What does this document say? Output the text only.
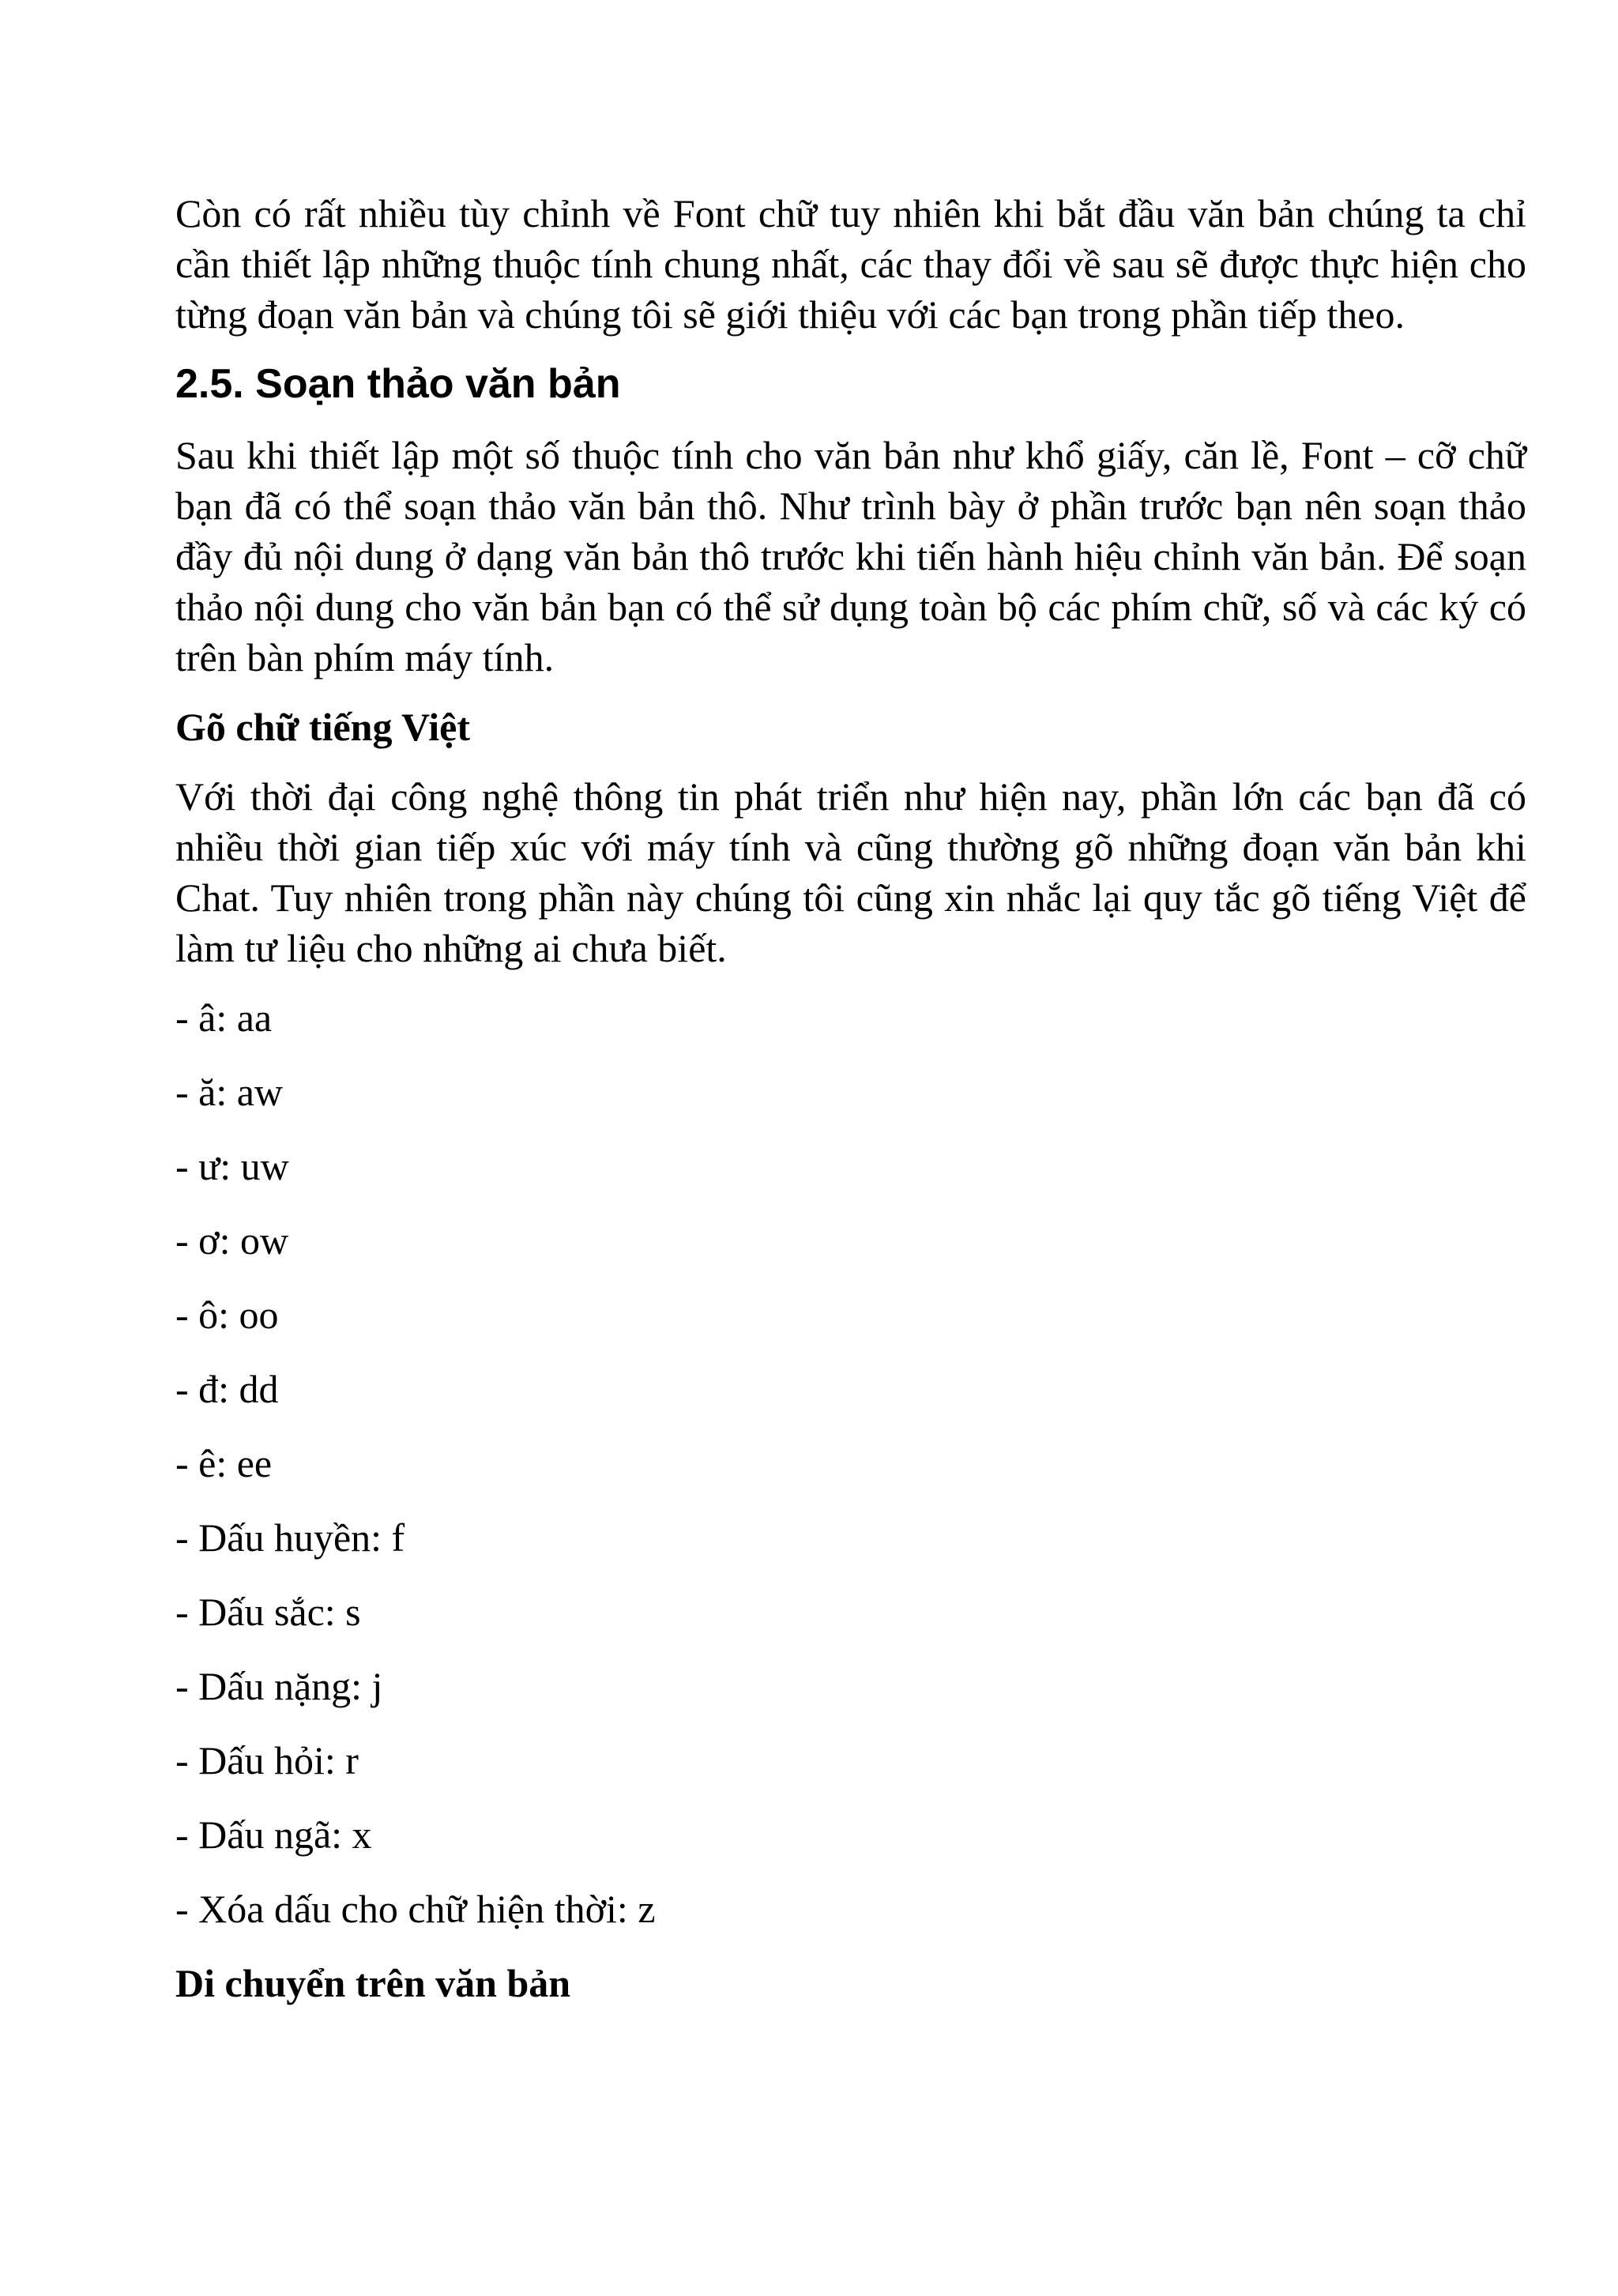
Còn có rất nhiều tùy chỉnh về Font chữ tuy nhiên khi bắt đầu văn bản chúng ta chỉ cần thiết lập những thuộc tính chung nhất, các thay đổi về sau sẽ được thực hiện cho từng đoạn văn bản và chúng tôi sẽ giới thiệu với các bạn trong phần tiếp theo.

2.5. Soạn thảo văn bản

Sau khi thiết lập một số thuộc tính cho văn bản như khổ giấy, căn lề, Font – cỡ chữ bạn đã có thể soạn thảo văn bản thô. Như trình bày ở phần trước bạn nên soạn thảo đầy đủ nội dung ở dạng văn bản thô trước khi tiến hành hiệu chỉnh văn bản. Để soạn thảo nội dung cho văn bản bạn có thể sử dụng toàn bộ các phím chữ, số và các ký có trên bàn phím máy tính.

Gõ chữ tiếng Việt

Với thời đại công nghệ thông tin phát triển như hiện nay, phần lớn các bạn đã có nhiều thời gian tiếp xúc với máy tính và cũng thường gõ những đoạn văn bản khi Chat. Tuy nhiên trong phần này chúng tôi cũng xin nhắc lại quy tắc gõ tiếng Việt để làm tư liệu cho những ai chưa biết.

- â: aa
- ă: aw
- ư: uw
- ơ: ow
- ô: oo
- đ: dd
- ê: ee
- Dấu huyền: f
- Dấu sắc: s
- Dấu nặng: j
- Dấu hỏi: r
- Dấu ngã: x
- Xóa dấu cho chữ hiện thời: z
Di chuyển trên văn bản
